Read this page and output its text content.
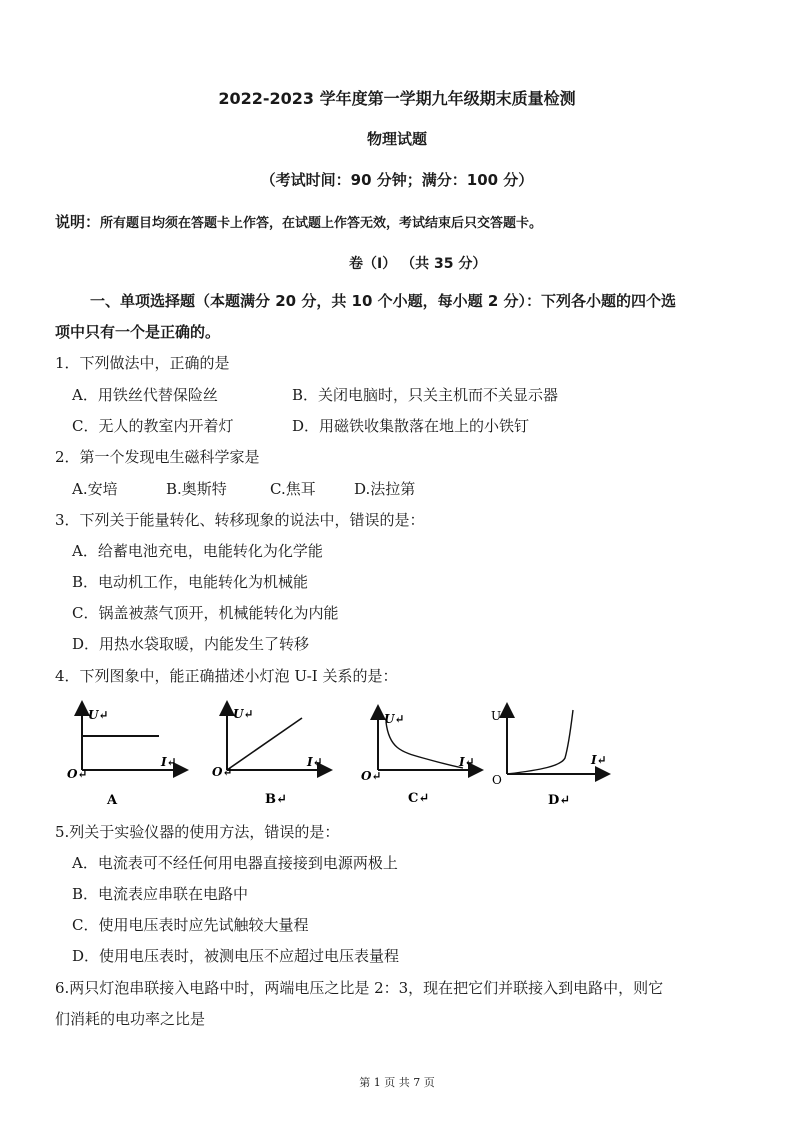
2022-2023 学年度第一学期九年级期末质量检测
物理试题
（考试时间：90 分钟；满分：100 分）
说明：所有题目均须在答题卡上作答，在试题上作答无效，考试结束后只交答题卡。
卷（I） （共 35 分）
一、单项选择题（本题满分 20 分，共 10 个小题，每小题 2 分）：下列各小题的四个选
项中只有一个是正确的。
1．下列做法中，正确的是
A．用铁丝代替保险丝	B．关闭电脑时，只关主机而不关显示器
C．无人的教室内开着灯	D．用磁铁收集散落在地上的小铁钉
2．第一个发现电生磁科学家是
A.安培	B.奥斯特	C.焦耳	D.法拉第
3．下列关于能量转化、转移现象的说法中，错误的是：
A．给蓄电池充电，电能转化为化学能
B．电动机工作，电能转化为机械能
C．锅盖被蒸气顶开，机械能转化为内能
D．用热水袋取暖，内能发生了转移
4．下列图象中，能正确描述小灯泡 U-I 关系的是：
U↵
I↵
O↵
A
U↵
I↵
O↵
B↵
U↵
I↵
O↵
C↵
U
I↵
O
D↵
5.列关于实验仪器的使用方法，错误的是：
A．电流表可不经任何用电器直接接到电源两极上
B．电流表应串联在电路中
C．使用电压表时应先试触较大量程
D．使用电压表时，被测电压不应超过电压表量程
6.两只灯泡串联接入电路中时，两端电压之比是 2：3，现在把它们并联接入到电路中，则它
们消耗的电功率之比是
第 1 页 共 7 页
